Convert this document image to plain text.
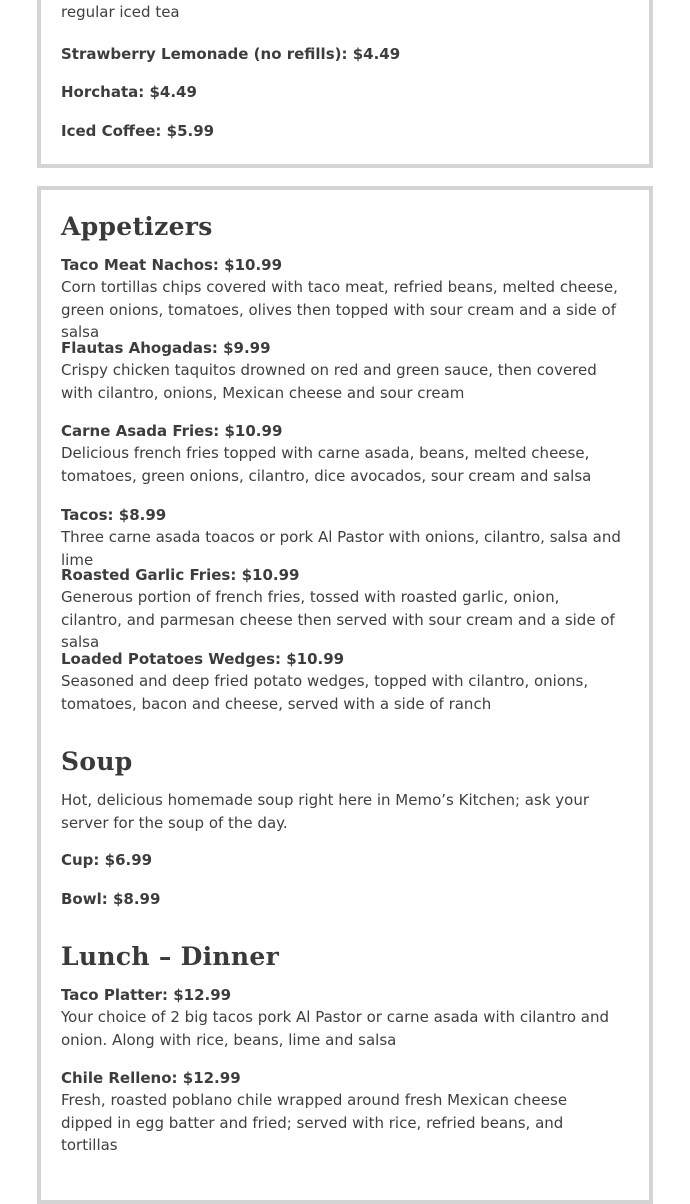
regular iced tea
Strawberry Lemonade (no refills): $4.49
Horchata: $4.49
Iced Coffee: $5.99
Appetizers
Taco Meat Nachos: $10.99
Corn tortillas chips covered with taco meat, refried beans, melted cheese, green onions, tomatoes, olives then topped with sour cream and a side of salsa
Flautas Ahogadas: $9.99
Crispy chicken taquitos drowned on red and green sauce, then covered with cilantro, onions, Mexican cheese and sour cream
Carne Asada Fries: $10.99
Delicious french fries topped with carne asada, beans, melted cheese, tomatoes, green onions, cilantro, dice avocados, sour cream and salsa
Tacos: $8.99
Three carne asada toacos or pork Al Pastor with onions, cilantro, salsa and lime
Roasted Garlic Fries: $10.99
Generous portion of french fries, tossed with roasted garlic, onion, cilantro, and parmesan cheese then served with sour cream and a side of salsa
Loaded Potatoes Wedges: $10.99
Seasoned and deep fried potato wedges, topped with cilantro, onions, tomatoes, bacon and cheese, served with a side of ranch
Soup
Hot, delicious homemade soup right here in Memo’s Kitchen; ask your server for the soup of the day.
Cup: $6.99
Bowl: $8.99
Lunch – Dinner
Taco Platter: $12.99
Your choice of 2 big tacos pork Al Pastor or carne asada with cilantro and onion. Along with rice, beans, lime and salsa
Chile Relleno: $12.99
Fresh, roasted poblano chile wrapped around fresh Mexican cheese dipped in egg batter and fried; served with rice, refried beans, and tortillas
